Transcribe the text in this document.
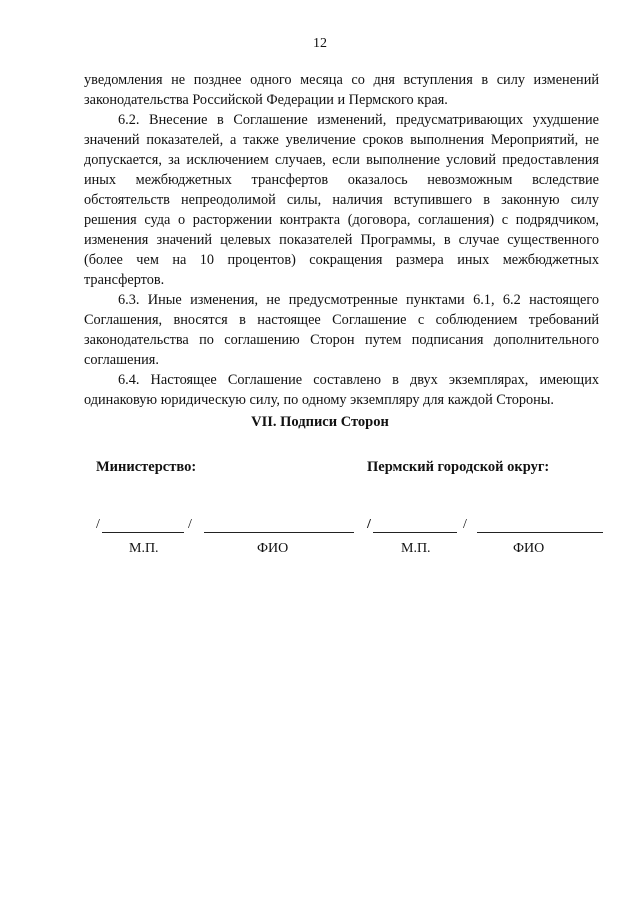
12

уведомления не позднее одного месяца со дня вступления в силу изменений законодательства Российской Федерации и Пермского края.

6.2. Внесение в Соглашение изменений, предусматривающих ухудшение значений показателей, а также увеличение сроков выполнения Мероприятий, не допускается, за исключением случаев, если выполнение условий предоставления иных межбюджетных трансфертов оказалось невозможным вследствие обстоятельств непреодолимой силы, наличия вступившего в законную силу решения суда о расторжении контракта (договора, соглашения) с подрядчиком, изменения значений целевых показателей Программы, в случае существенного (более чем на 10 процентов) сокращения размера иных межбюджетных трансфертов.

6.3. Иные изменения, не предусмотренные пунктами 6.1, 6.2 настоящего Соглашения, вносятся в настоящее Соглашение с соблюдением требований законодательства по соглашению Сторон путем подписания дополнительного соглашения.

6.4. Настоящее Соглашение составлено в двух экземплярах, имеющих одинаковую юридическую силу, по одному экземпляру для каждой Стороны.

VII. Подписи Сторон
Министерство:	Пермский городской округ:
/	/
М.П.	ФИО
/	/
М.П.	ФИО
